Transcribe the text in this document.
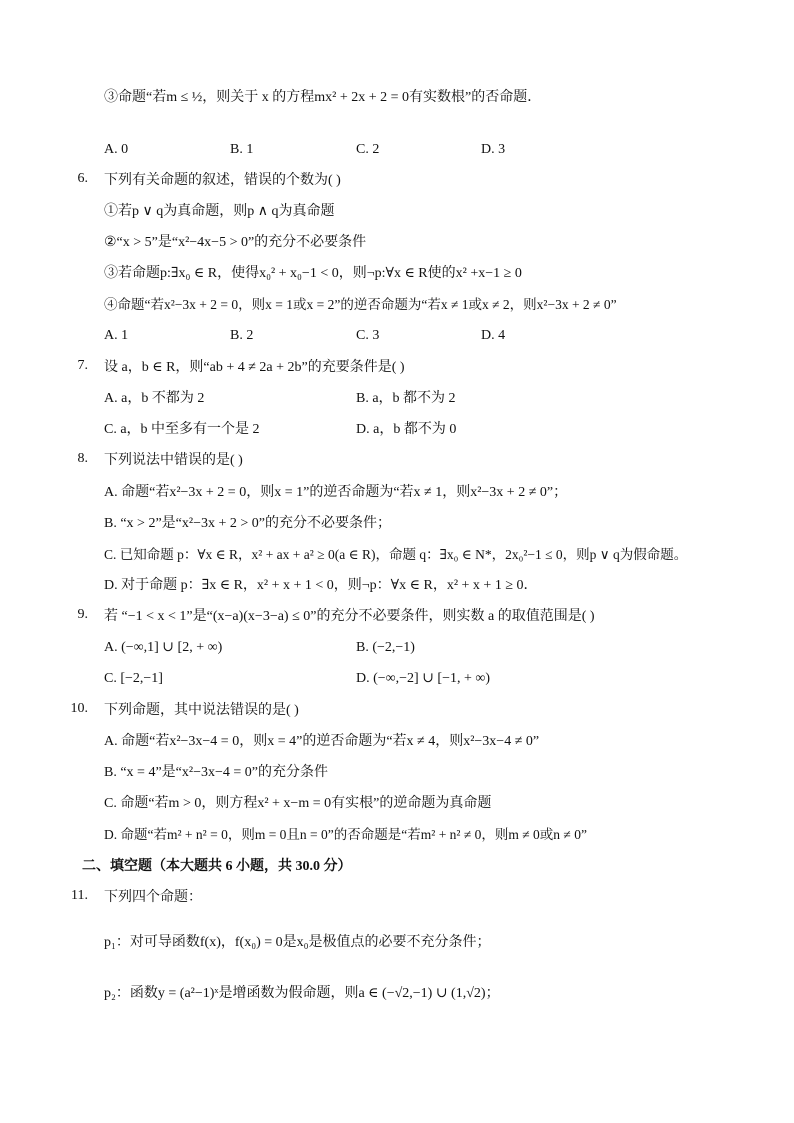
③命题“若m ≤ ½，则关于 x 的方程mx² + 2x + 2 = 0有实数根”的否命题．
A. 0	B. 1	C. 2	D. 3
6. 下列有关命题的叙述，错误的个数为( )
①若p ∨ q为真命题，则p ∧ q为真命题
②“x > 5”是“x²−4x−5 > 0”的充分不必要条件
③若命题p:∃x₀ ∈ R，使得x₀² + x₀−1 < 0，则¬p:∀x ∈ R使的x² +x−1 ≥ 0
④命题“若x²−3x + 2 = 0，则x = 1或x = 2”的逆否命题为“若x ≠ 1或x ≠ 2，则x²−3x + 2 ≠ 0”
A. 1	B. 2	C. 3	D. 4
7. 设 a，b ∈ R，则“ab + 4 ≠ 2a + 2b”的充要条件是( )
A. a，b 不都为 2	B. a，b 都不为 2
C. a，b 中至多有一个是 2	D. a，b 都不为 0
8. 下列说法中错误的是( )
A. 命题“若x²−3x + 2 = 0，则x = 1”的逆否命题为“若x ≠ 1，则x²−3x + 2 ≠ 0”；
B. “x > 2”是“x²−3x + 2 > 0”的充分不必要条件；
C. 已知命题 p：∀x ∈ R，x² + ax + a² ≥ 0(a ∈ R)，命题 q：∃x₀ ∈ N*，2x₀²−1 ≤ 0，则p ∨ q为假命题。
D. 对于命题 p：∃x ∈ R，x² + x + 1 < 0，则¬p：∀x ∈ R，x² + x + 1 ≥ 0．
9. 若 “−1 < x < 1”是“(x−a)(x−3−a) ≤ 0”的充分不必要条件，则实数 a 的取值范围是( )
A. (−∞,1] ∪ [2, + ∞)	B. (−2,−1)
C. [−2,−1]	D. (−∞,−2] ∪ [−1, + ∞)
10. 下列命题，其中说法错误的是( )
A. 命题“若x²−3x−4 = 0，则x = 4”的逆否命题为“若x ≠ 4，则x²−3x−4 ≠ 0”
B. “x = 4”是“x²−3x−4 = 0”的充分条件
C. 命题“若m > 0，则方程x² + x−m = 0有实根”的逆命题为真命题
D. 命题“若m² + n² = 0，则m = 0且n = 0”的否命题是“若m² + n² ≠ 0，则m ≠ 0或n ≠ 0”
二、填空题（本大题共 6 小题，共 30.0 分）
11. 下列四个命题：
p₁：对可导函数f(x)，f(x₀) = 0是x₀是极值点的必要不充分条件；
p₂：函数y = (a²−1)ˣ是增函数为假命题，则a ∈ (−√2,−1) ∪ (1,√2)；
